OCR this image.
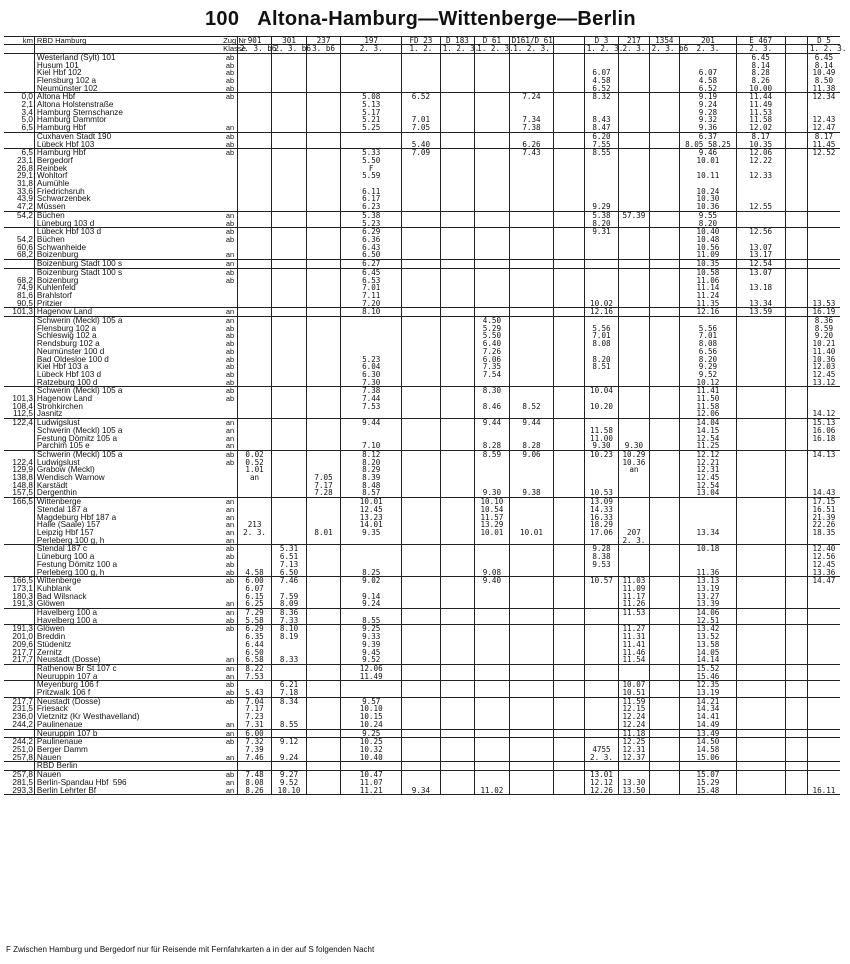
100 Altona-Hamburg—Wittenberge—Berlin
km	RBD Hamburg	Zug Nr	901	301	237	197	FD 23	D 183	D 61	D161/D 61		D 3	217	1354	201	E 467		D 5
		Klasse	2. 3. b6	2. 3. b6	3. b6	2. 3.	1. 2.	1. 2. 3.	1. 2. 3.	1. 2. 3.		1. 2. 3.	2. 3.	2. 3. b6	2. 3.	2. 3.		1. 2. 3.
	Westerland (Sylt) 101	ab														6.45		6.45
	Husum 101	ab														8.14		8.14
	Kiel Hbf 102	ab										6.07			6.07	8.28		10.49
	Flensburg 102 a	ab										4.58			4.58	8.26		8.50
	Neumünster 102	ab										6.52			6.52	10.00		11.38
0,0	Altona Hbf	ab				5.08	6.52			7.24		8.32			9.19	11.44		12.34
2,1	Altona Holstenstraße					5.13									9.24	11.49		
3,4	Hamburg Sternschanze					5.17									9.28	11.53		
5,0	Hamburg Dammtor					5.21	7.01			7.34		8.43			9.32	11.58		12.43
6,5	Hamburg Hbf	an				5.25	7.05			7.38		8.47			9.36	12.02		12.47
	Cuxhaven Stadt 190	ab										6.20			6.37	8.17		8.17
	Lübeck Hbf 103	ab					5.40			6.26		7.55			8.05 58.25	10.35		11.45
6,5	Hamburg Hbf	ab				5.33	7.09			7.43		8.55			9.46	12.06		12.52
23,1	Bergedorf					5.50									10.01	12.22		
26,8	Reinbek					F												
29,1	Wohltorf					5.59									10.11	12.33		
31,8	Aumühle																	
33,6	Friedrichsruh					6.11									10.24			
43,9	Schwarzenbek					6.17									10.30			
47,2	Müssen					6.23						9.29			10.36	12.55		
54,2	Büchen	an				5.38						5.38	57.39		9.55			
	Lüneburg 103 d	ab				5.23						8.20			8.20			
	Lübeck Hbf 103 d	ab				6.29						9.31			10.40	12.56		
54,2	Büchen	ab				6.36									10.48			
60,6	Schwanheide					6.43									10.56	13.07		
68,2	Boizenburg	an				6.50									11.09	13.17		
	Boizenburg Stadt 100 s	an				6.27									10.35	12.54		
	Boizenburg Stadt 100 s	ab				6.45									10.58	13.07		
68,2	Boizenburg	ab				6.53									11.06			
74,9	Kuhlenfeld					7.01									11.14	13.18		
81,6	Brahlstorf					7.11									11.24			
90,5	Pritzier					7.20						10.02			11.35	13.34		13.53
101,3	Hagenow Land	an				8.10						12.16			12.16	13.59		16.19
	Schwerin (Meckl) 105 a	an							4.50									8.36
	Flensburg 102 a	ab							5.29			5.56			5.56			8.59
	Schleswig 102 a	ab							5.50			7.01			7.01			9.20
	Rendsburg 102 a	ab							6.40			8.08			8.08			10.21
	Neumünster 100 d	ab							7.26						6.56			11.40
	Bad Oldesloe 100 d	ab				5.23			6.06			8.20			8.20			10.36
	Kiel Hbf 103 a	ab				6.04			7.35			8.51			9.29			12.03
	Lübeck Hbf 103 d	ab				6.30			7.54						9.52			12.45
	Ratzeburg 100 d	ab				7.30									10.12			13.12
	Schwerin (Meckl) 105 a	ab				7.38			8.30			10.04			11.41			
101,3	Hagenow Land	ab				7.44									11.50			
108,4	Strohkirchen					7.53			8.46	8.52		10.20			11.58			
112,5	Jasnitz														12.06			14.12
122,4	Ludwigslust	an				9.44			9.44	9.44					14.04			15.13
	Schwerin (Meckl) 105 a	an										11.58			14.15			16.06
	Festung Dömitz 105 a	an										11.00			12.54			16.18
	Parchim 105 e	an				7.10			8.28	8.28		9.30	9.30		11.25			
	Schwerin (Meckl) 105 a	ab	0.02			8.12			8.59	9.06		10.23	10.29		12.12			14.13
122,4	Ludwigslust	ab	0.52			8.20							10.36		12.21			
129,9	Grabow (Meckl)		1.01			8.29							an		12.31			
138,8	Wendisch Warnow		an		7.05	8.39									12.45			
148,8	Karstädt				7.17	8.48									12.54			
157,5	Dergenthin				7.28	8.57			9.30	9.38		10.53			13.04			14.43
166,5	Wittenberge	an				10.01			10.10			13.09						17.15
	Stendal 187 a	an				12.45			10.54			14.33						16.51
	Magdeburg Hbf 187 a	an				13.23			11.57			16.33						21.39
	Halle (Saale) 157	an	213			14.01			13.29			18.29						22.26
	Leipzig Hbf 157	an	2. 3.		8.01	9.35			10.01	10.01		17.06	207		13.34			18.35
	Perleberg 100 g, h	an											2. 3.					
	Stendal 187 c	ab		5.31								9.28			10.18			12.40
	Lüneburg 100 a	ab		6.51								8.38						12.56
	Festung Dömitz 100 a	ab		7.13								9.53						12.45
	Perleberg 100 g, h	ab	4.58	6.50		8.25			9.08						11.36			13.36
166,5	Wittenberge	ab	6.00	7.46		9.02			9.40			10.57	11.03		13.13			14.47
173,1	Kuhblank		6.07										11.09		13.19			
180,3	Bad Wilsnack		6.15	7.59		9.14							11.17		13.27			
191,3	Glöwen	an	6.25	8.09		9.24							11.26		13.39			
	Havelberg 100 a	an	7.29	8.36									11.53		14.06			
	Havelberg 100 a	ab	5.58	7.33		8.55									12.51			
191,3	Glöwen	ab	6.29	8.10		9.25							11.27		13.42			
201,0	Breddin		6.35	8.19		9.33							11.31		13.52			
209,6	Stüdenitz		6.44			9.39							11.41		13.58			
217,7	Zernitz		6.50			9.45							11.46		14.05			
217,7	Neustadt (Dosse)	an	6.58	8.33		9.52							11.54		14.14			
	Rathenow Br St 107 c	an	8.22			12.06									15.52			
	Neuruppin 107 a	an	7.53			11.49									15.46			
	Meyenburg 106 f	ab		6.21									10.07		12.35			
	Pritzwalk 106 f	ab	5.43	7.18									10.51		13.19			
217,7	Neustadt (Dosse)	ab	7.04	8.34		9.57							11.59		14.21			
231,5	Friesack		7.17			10.10							12.15		14.34			
236,0	Vietznitz (Kr Westhavelland)		7.23			10.15							12.24		14.41			
244,2	Paulinenaue	an	7.31	8.55		10.24							12.24		14.49			
	Neuruppin 107 b	an	6.00			9.25							11.18		13.49			
244,2	Paulinenaue	ab	7.32	9.12		10.25							12.25		14.50			
251,0	Berger Damm		7.39			10.32						4755	12.31		14.58			
257,8	Nauen	an	7.46	9.24		10.40						2. 3.	12.37		15.06			
	RBD Berlin																	
257,8	Nauen	ab	7.48	9.27		10.47						13.01			15.07			
281,5	Berlin-Spandau Hbf  596	an	8.08	9.52		11.07						12.12	13.30		15.29			
293,3	Berlin Lehrter Bf	an	8.26	10.10		11.21	9.34		11.02			12.26	13.50		15.48			16.11
F Zwischen Hamburg und Bergedorf nur für Reisende mit Fernfahrkarten a in der auf S folgenden Nacht
